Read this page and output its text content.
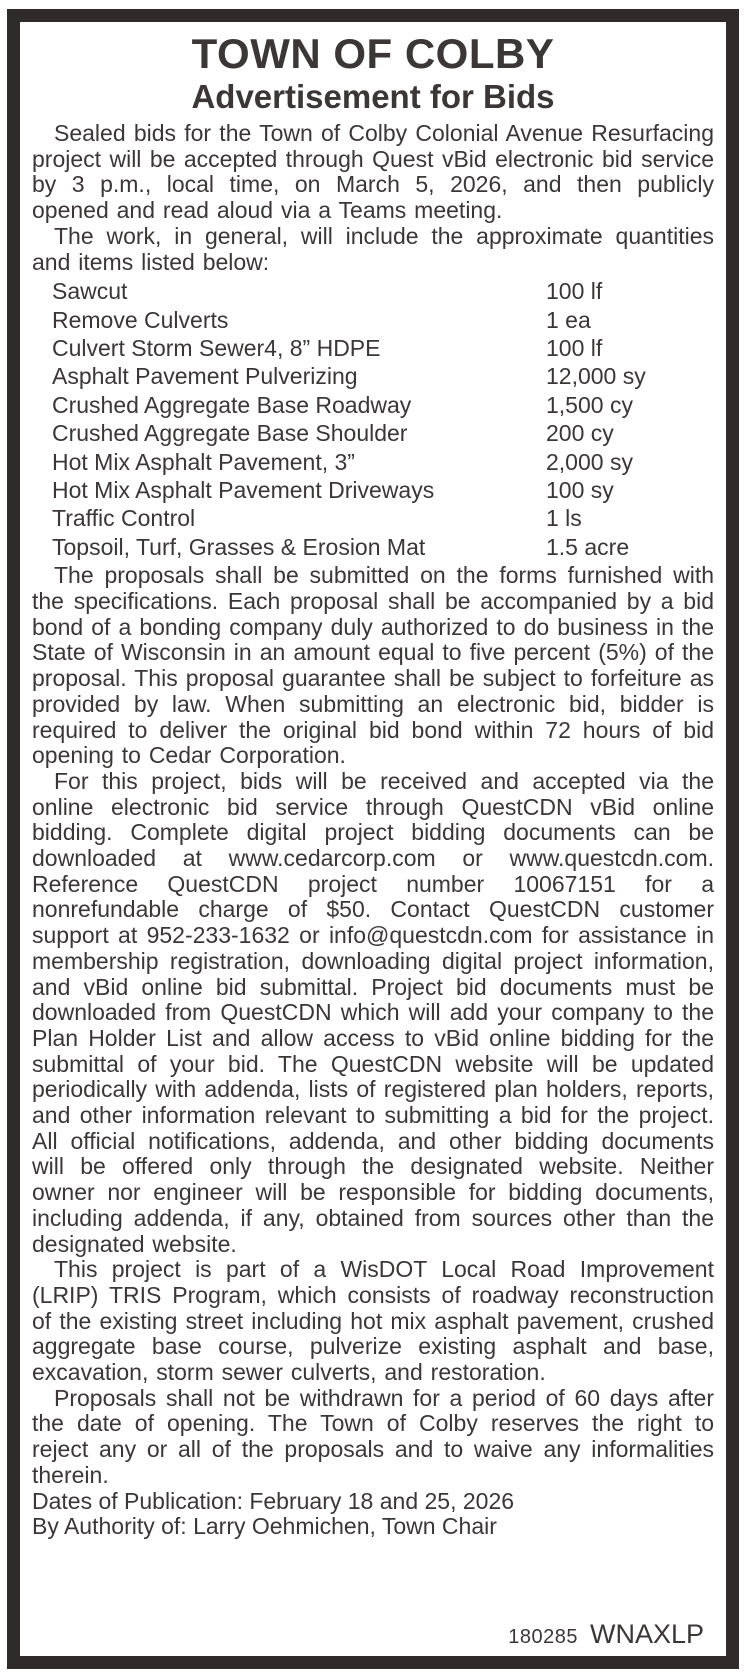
TOWN OF COLBY
Advertisement for Bids

Sealed bids for the Town of Colby Colonial Avenue Resurfacing project will be accepted through Quest vBid electronic bid service by 3 p.m., local time, on March 5, 2026, and then publicly opened and read aloud via a Teams meeting.

The work, in general, will include the approximate quantities and items listed below:

Sawcut	100 lf
Remove Culverts	1 ea
Culvert Storm Sewer4, 8” HDPE	100 lf
Asphalt Pavement Pulverizing	12,000 sy
Crushed Aggregate Base Roadway	1,500 cy
Crushed Aggregate Base Shoulder	200 cy
Hot Mix Asphalt Pavement, 3”	2,000 sy
Hot Mix Asphalt Pavement Driveways	100 sy
Traffic Control	1 ls
Topsoil, Turf, Grasses & Erosion Mat	1.5 acre

The proposals shall be submitted on the forms furnished with the specifications. Each proposal shall be accompanied by a bid bond of a bonding company duly authorized to do business in the State of Wisconsin in an amount equal to five percent (5%) of the proposal. This proposal guarantee shall be subject to forfeiture as provided by law. When submitting an electronic bid, bidder is required to deliver the original bid bond within 72 hours of bid opening to Cedar Corporation.

For this project, bids will be received and accepted via the online electronic bid service through QuestCDN vBid online bidding. Complete digital project bidding documents can be downloaded at www.cedarcorp.com or www.questcdn.com. Reference QuestCDN project number 10067151 for a nonrefundable charge of $50. Contact QuestCDN customer support at 952-233-1632 or info@questcdn.com for assistance in membership registration, downloading digital project information, and vBid online bid submittal. Project bid documents must be downloaded from QuestCDN which will add your company to the Plan Holder List and allow access to vBid online bidding for the submittal of your bid. The QuestCDN website will be updated periodically with addenda, lists of registered plan holders, reports, and other information relevant to submitting a bid for the project. All official notifications, addenda, and other bidding documents will be offered only through the designated website. Neither owner nor engineer will be responsible for bidding documents, including addenda, if any, obtained from sources other than the designated website.

This project is part of a WisDOT Local Road Improvement (LRIP) TRIS Program, which consists of roadway reconstruction of the existing street including hot mix asphalt pavement, crushed aggregate base course, pulverize existing asphalt and base, excavation, storm sewer culverts, and restoration.

Proposals shall not be withdrawn for a period of 60 days after the date of opening. The Town of Colby reserves the right to reject any or all of the proposals and to waive any informalities therein.

Dates of Publication: February 18 and 25, 2026

By Authority of: Larry Oehmichen, Town Chair

180285 WNAXLP
